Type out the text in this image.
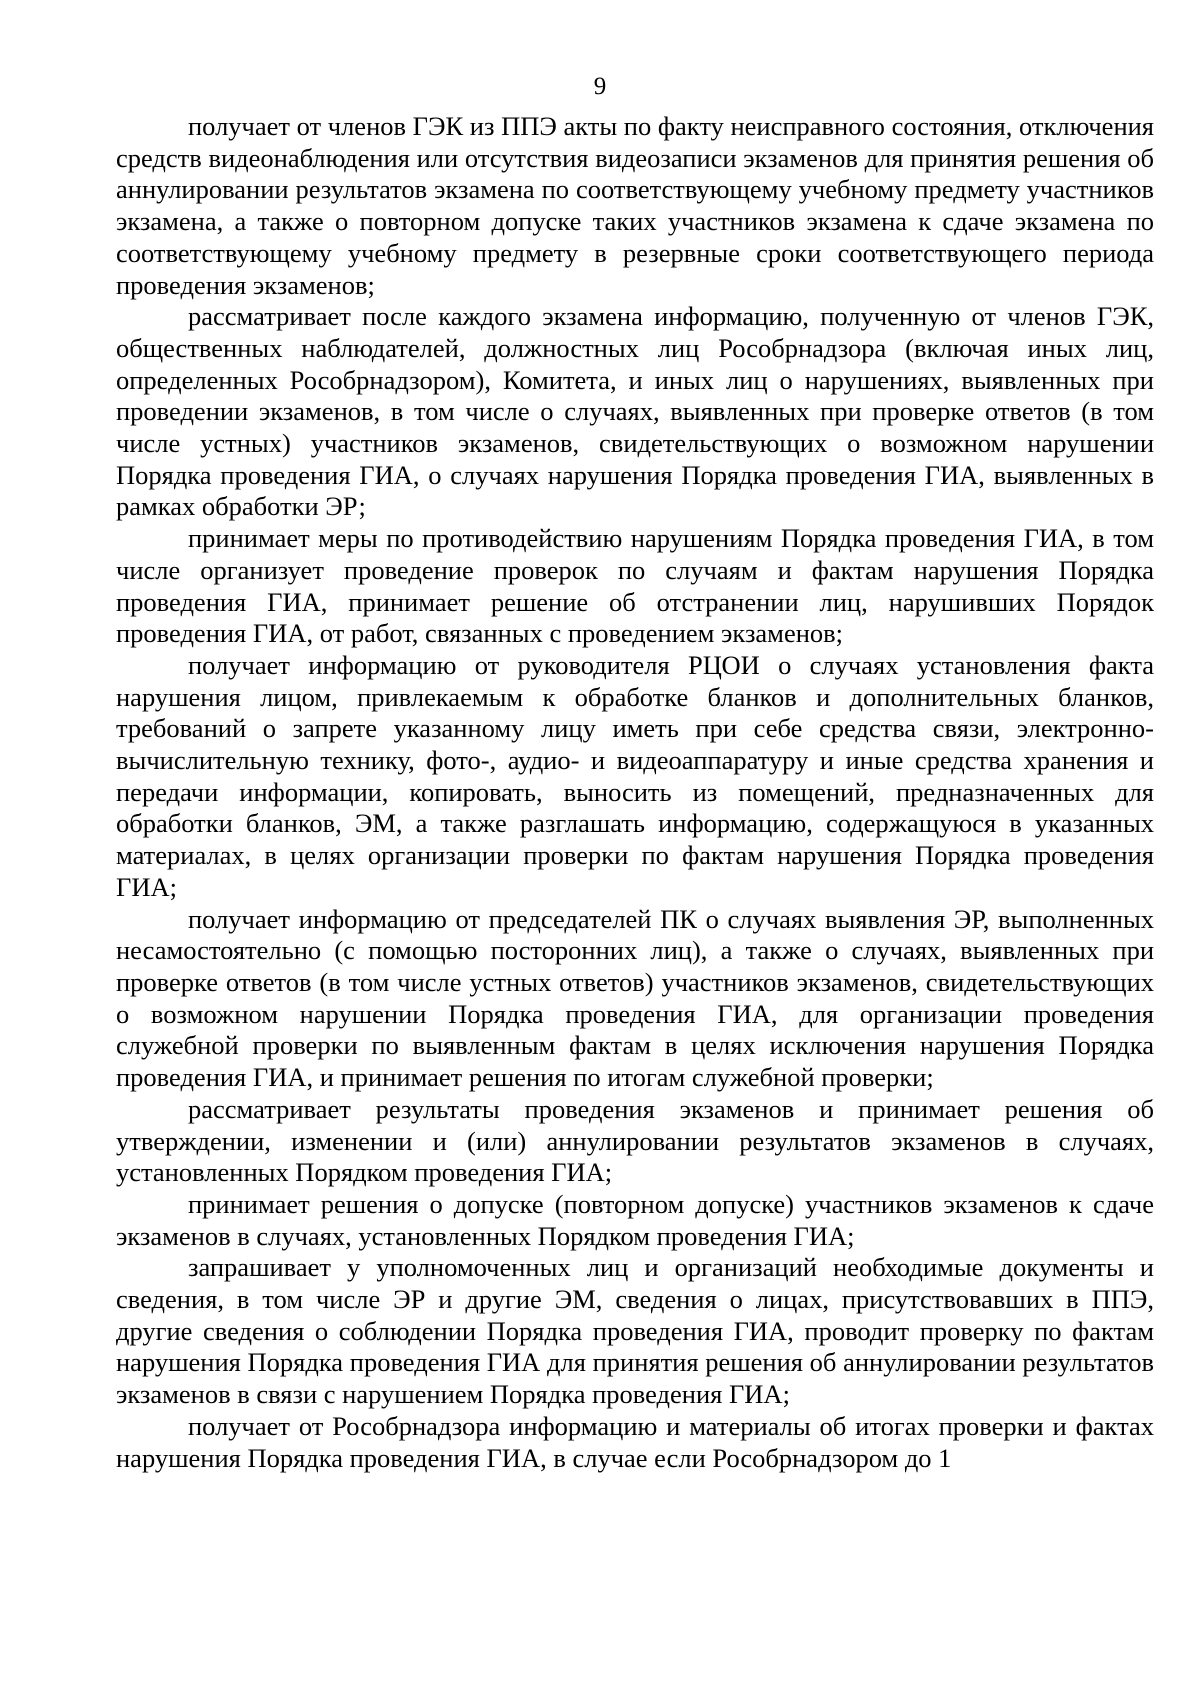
9

получает от членов ГЭК из ППЭ акты по факту неисправного состояния, отключения средств видеонаблюдения или отсутствия видеозаписи экзаменов для принятия решения об аннулировании результатов экзамена по соответствующему учебному предмету участников экзамена, а также о повторном допуске таких участников экзамена к сдаче экзамена по соответствующему учебному предмету в резервные сроки соответствующего периода проведения экзаменов;

рассматривает после каждого экзамена информацию, полученную от членов ГЭК, общественных наблюдателей, должностных лиц Рособрнадзора (включая иных лиц, определенных Рособрнадзором), Комитета, и иных лиц о нарушениях, выявленных при проведении экзаменов, в том числе о случаях, выявленных при проверке ответов (в том числе устных) участников экзаменов, свидетельствующих о возможном нарушении Порядка проведения ГИА, о случаях нарушения Порядка проведения ГИА, выявленных в рамках обработки ЭР;

принимает меры по противодействию нарушениям Порядка проведения ГИА, в том числе организует проведение проверок по случаям и фактам нарушения Порядка проведения ГИА, принимает решение об отстранении лиц, нарушивших Порядок проведения ГИА, от работ, связанных с проведением экзаменов;

получает информацию от руководителя РЦОИ о случаях установления факта нарушения лицом, привлекаемым к обработке бланков и дополнительных бланков, требований о запрете указанному лицу иметь при себе средства связи, электронно-вычислительную технику, фото-, аудио- и видеоаппаратуру и иные средства хранения и передачи информации, копировать, выносить из помещений, предназначенных для обработки бланков, ЭМ, а также разглашать информацию, содержащуюся в указанных материалах, в целях организации проверки по фактам нарушения Порядка проведения ГИА;

получает информацию от председателей ПК о случаях выявления ЭР, выполненных несамостоятельно (с помощью посторонних лиц), а также о случаях, выявленных при проверке ответов (в том числе устных ответов) участников экзаменов, свидетельствующих о возможном нарушении Порядка проведения ГИА, для организации проведения служебной проверки по выявленным фактам в целях исключения нарушения Порядка проведения ГИА, и принимает решения по итогам служебной проверки;

рассматривает результаты проведения экзаменов и принимает решения об утверждении, изменении и (или) аннулировании результатов экзаменов в случаях, установленных Порядком проведения ГИА;

принимает решения о допуске (повторном допуске) участников экзаменов к сдаче экзаменов в случаях, установленных Порядком проведения ГИА;

запрашивает у уполномоченных лиц и организаций необходимые документы и сведения, в том числе ЭР и другие ЭМ, сведения о лицах, присутствовавших в ППЭ, другие сведения о соблюдении Порядка проведения ГИА, проводит проверку по фактам нарушения Порядка проведения ГИА для принятия решения об аннулировании результатов экзаменов в связи с нарушением Порядка проведения ГИА;

получает от Рособрнадзора информацию и материалы об итогах проверки и фактах нарушения Порядка проведения ГИА, в случае если Рособрнадзором до 1
